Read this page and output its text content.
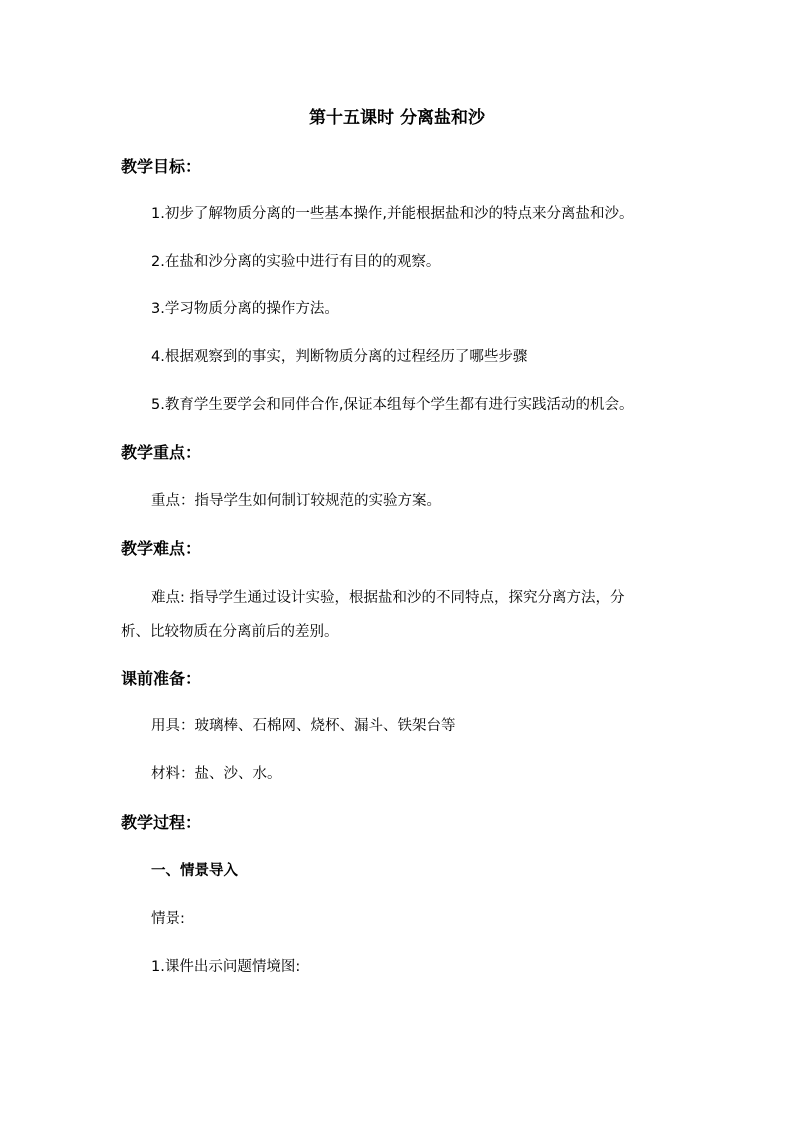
第十五课时 分离盐和沙
教学目标：
1.初步了解物质分离的一些基本操作,并能根据盐和沙的特点来分离盐和沙。
2.在盐和沙分离的实验中进行有目的的观察。
3.学习物质分离的操作方法。
4.根据观察到的事实，判断物质分离的过程经历了哪些步骤
5.教育学生要学会和同伴合作,保证本组每个学生都有进行实践活动的机会。
教学重点：
重点：指导学生如何制订较规范的实验方案。
教学难点：
难点: 指导学生通过设计实验，根据盐和沙的不同特点，探究分离方法，分
析、比较物质在分离前后的差别。
课前准备：
用具：玻璃棒、石棉网、烧杯、漏斗、铁架台等
材料：盐、沙、水。
教学过程：
一、情景导入
情景:
1.课件出示问题情境图:
